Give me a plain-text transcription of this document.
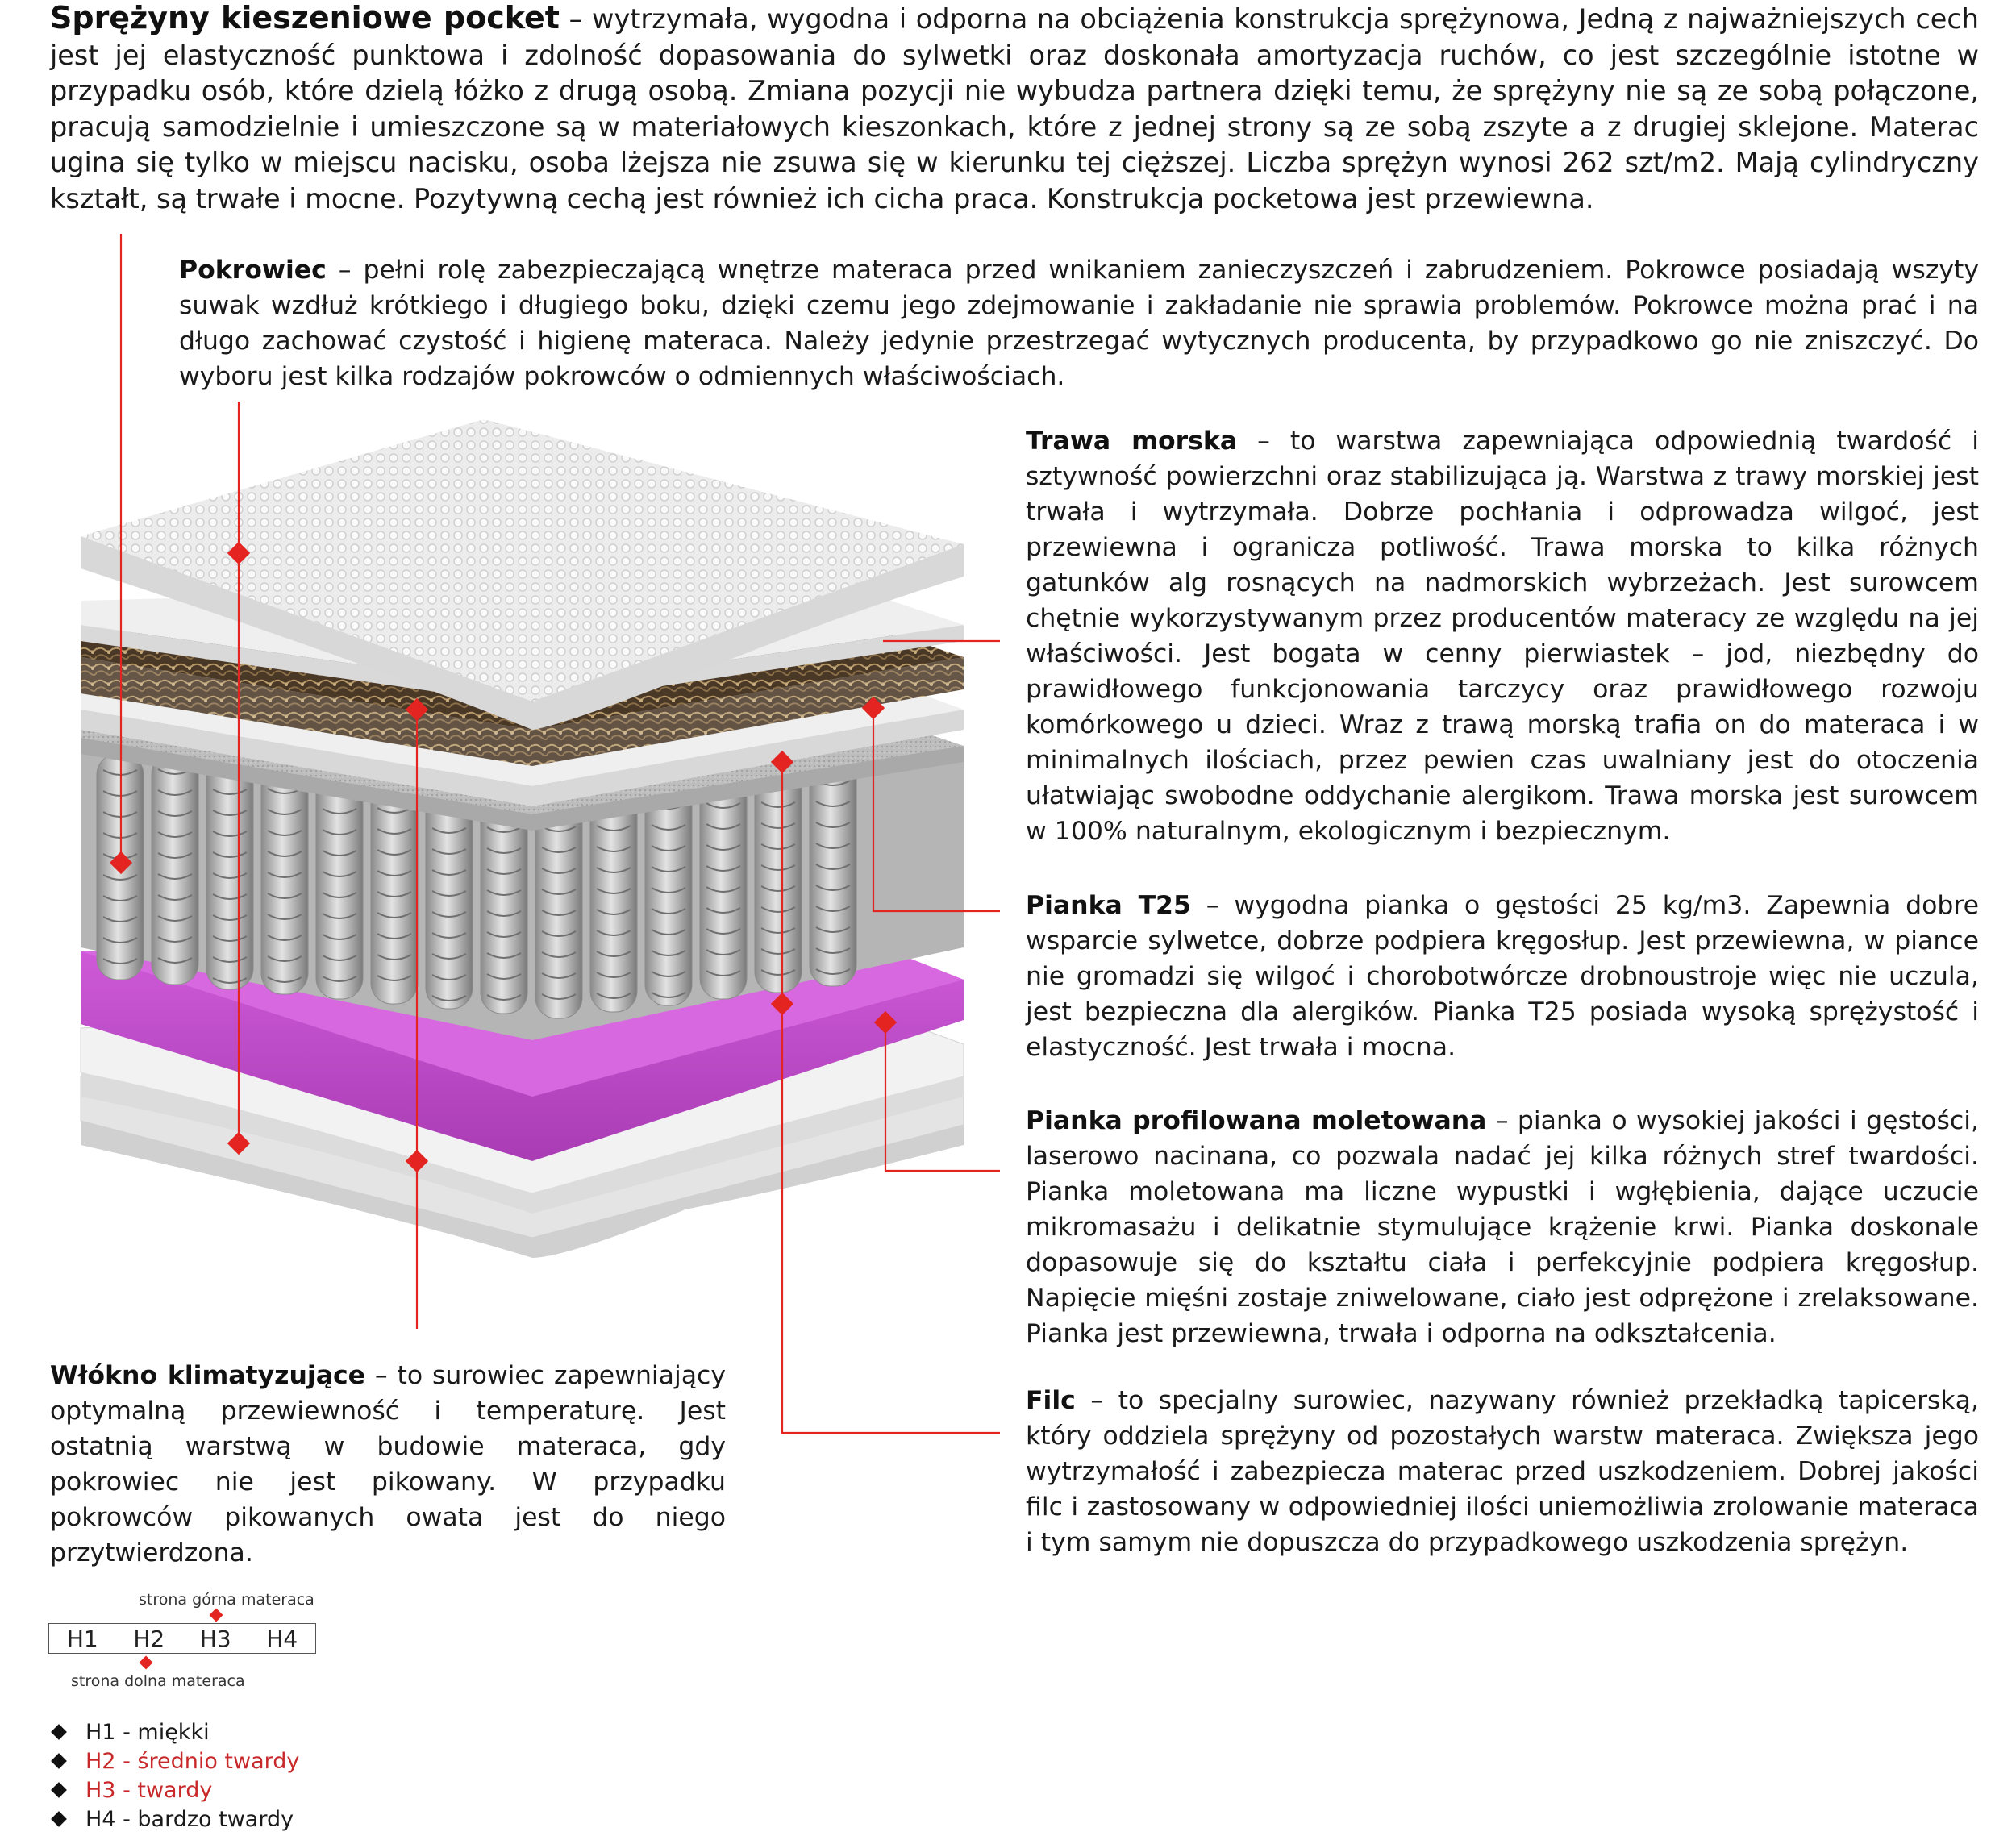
Sprężyny kieszeniowe pocket – wytrzymała, wygodna i odporna na obciążenia konstrukcja sprężynowa, Jedną z najważniejszych cech jest jej elastyczność punktowa i zdolność dopasowania do sylwetki oraz doskonała amortyzacja ruchów, co jest szczególnie istotne w przypadku osób, które dzielą łóżko z drugą osobą. Zmiana pozycji nie wybudza partnera dzięki temu, że sprężyny nie są ze sobą połączone, pracują samodzielnie i umieszczone są w materiałowych kieszonkach, które z jednej strony są ze sobą zszyte a z drugiej sklejone. Materac ugina się tylko w miejscu nacisku, osoba lżejsza nie zsuwa się w kierunku tej cięższej. Liczba sprężyn wynosi 262 szt/m2. Mają cylindryczny kształt, są trwałe i mocne. Pozytywną cechą jest również ich cicha praca. Konstrukcja pocketowa jest przewiewna.

Pokrowiec – pełni rolę zabezpieczającą wnętrze materaca przed wnikaniem zanieczyszczeń i zabrudzeniem. Pokrowce posiadają wszyty suwak wzdłuż krótkiego i długiego boku, dzięki czemu jego zdejmowanie i zakładanie nie sprawia problemów. Pokrowce można prać i na długo zachować czystość i higienę materaca. Należy jedynie przestrzegać wytycznych producenta, by przypadkowo go nie zniszczyć. Do wyboru jest kilka rodzajów pokrowców o odmiennych właściwościach.

Trawa morska – to warstwa zapewniająca odpowiednią twardość i sztywność powierzchni oraz stabilizująca ją. Warstwa z trawy morskiej jest trwała i wytrzymała. Dobrze pochłania i odprowadza wilgoć, jest przewiewna i ogranicza potliwość. Trawa morska to kilka różnych gatunków alg rosnących na nadmorskich wybrzeżach. Jest surowcem chętnie wykorzystywanym przez producentów materacy ze względu na jej właściwości. Jest bogata w cenny pierwiastek – jod, niezbędny do prawidłowego funkcjonowania tarczycy oraz prawidłowego rozwoju komórkowego u dzieci. Wraz z trawą morską trafia on do materaca i w minimalnych ilościach, przez pewien czas uwalniany jest do otoczenia ułatwiając swobodne oddychanie alergikom. Trawa morska jest surowcem w 100% naturalnym, ekologicznym i bezpiecznym.

Pianka T25 – wygodna pianka o gęstości 25 kg/m3. Zapewnia dobre wsparcie sylwetce, dobrze podpiera kręgosłup. Jest przewiewna, w piance nie gromadzi się wilgoć i chorobotwórcze drobnoustroje więc nie uczula, jest bezpieczna dla alergików. Pianka T25 posiada wysoką sprężystość i elastyczność. Jest trwała i mocna.

Pianka profilowana moletowana – pianka o wysokiej jakości i gęstości, laserowo nacinana, co pozwala nadać jej kilka różnych stref twardości. Pianka moletowana ma liczne wypustki i wgłębienia, dające uczucie mikromasażu i delikatnie stymulujące krążenie krwi. Pianka doskonale dopasowuje się do kształtu ciała i perfekcyjnie podpiera kręgosłup. Napięcie mięśni zostaje zniwelowane, ciało jest odprężone i zrelaksowane. Pianka jest przewiewna, trwała i odporna na odkształcenia.

Filc – to specjalny surowiec, nazywany również przekładką tapicerską, który oddziela sprężyny od pozostałych warstw materaca. Zwiększa jego wytrzymałość i zabezpiecza materac przed uszkodzeniem. Dobrej jakości filc i zastosowany w odpowiedniej ilości uniemożliwia zrolowanie materaca i tym samym nie dopuszcza do przypadkowego uszkodzenia sprężyn.

Włókno klimatyzujące – to surowiec zapewniający optymalną przewiewność i temperaturę. Jest ostatnią warstwą w budowie materaca, gdy pokrowiec nie jest pikowany. W przypadku pokrowców pikowanych owata jest do niego przytwierdzona.

strona górna materaca
H1 H2 H3 H4
strona dolna materaca
H1 - miękki
H2 - średnio twardy
H3 - twardy
H4 - bardzo twardy
